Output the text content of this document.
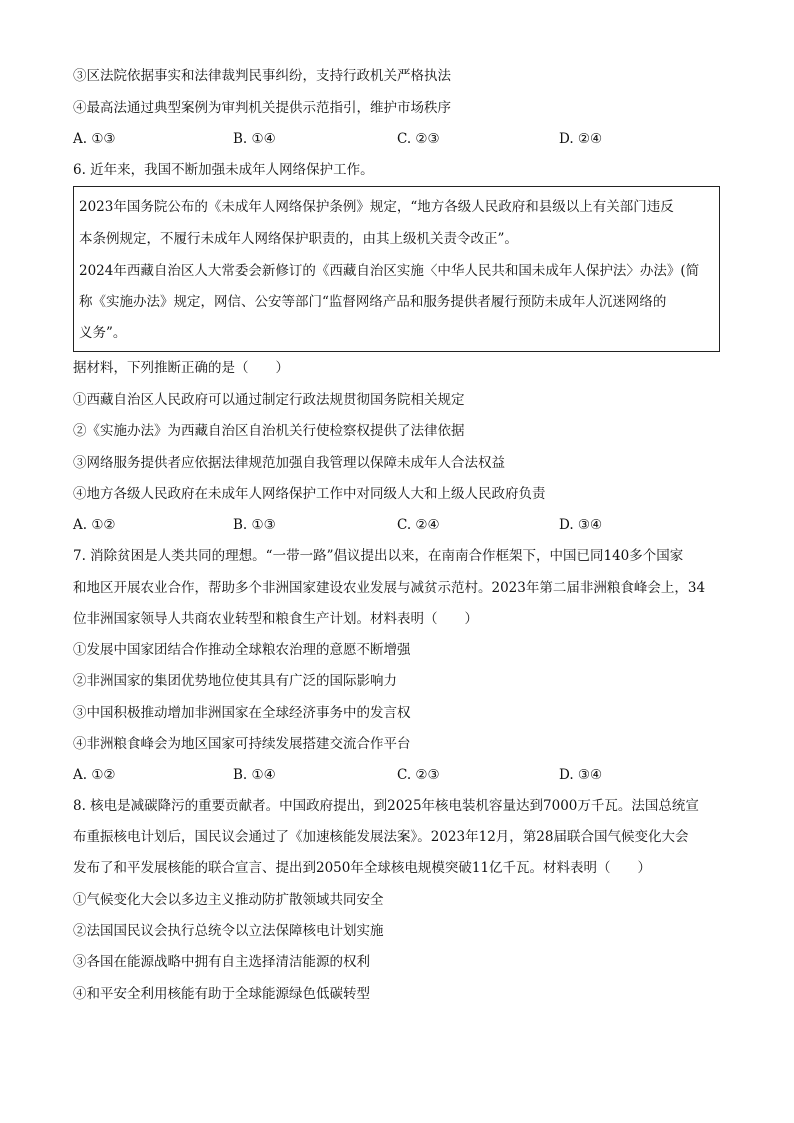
③区法院依据事实和法律裁判民事纠纷，支持行政机关严格执法
④最高法通过典型案例为审判机关提供示范指引，维护市场秩序
A. ①③	B. ①④	C. ②③	D. ②④
6. 近年来，我国不断加强未成年人网络保护工作。
2023年国务院公布的《未成年人网络保护条例》规定，“地方各级人民政府和县级以上有关部门违反
本条例规定，不履行未成年人网络保护职责的，由其上级机关责令改正”。
2024年西藏自治区人大常委会新修订的《西藏自治区实施〈中华人民共和国未成年人保护法〉办法》(简
称《实施办法》规定，网信、公安等部门“监督网络产品和服务提供者履行预防未成年人沉迷网络的
义务”。
据材料，下列推断正确的是（　　）
①西藏自治区人民政府可以通过制定行政法规贯彻国务院相关规定
②《实施办法》为西藏自治区自治机关行使检察权提供了法律依据
③网络服务提供者应依据法律规范加强自我管理以保障未成年人合法权益
④地方各级人民政府在未成年人网络保护工作中对同级人大和上级人民政府负责
A. ①②	B. ①③	C. ②④	D. ③④
7. 消除贫困是人类共同的理想。“一带一路”倡议提出以来，在南南合作框架下，中国已同140多个国家
和地区开展农业合作，帮助多个非洲国家建设农业发展与减贫示范村。2023年第二届非洲粮食峰会上，34
位非洲国家领导人共商农业转型和粮食生产计划。材料表明（　　）
①发展中国家团结合作推动全球粮农治理的意愿不断增强
②非洲国家的集团优势地位使其具有广泛的国际影响力
③中国积极推动增加非洲国家在全球经济事务中的发言权
④非洲粮食峰会为地区国家可持续发展搭建交流合作平台
A. ①②	B. ①④	C. ②③	D. ③④
8. 核电是减碳降污的重要贡献者。中国政府提出，到2025年核电装机容量达到7000万千瓦。法国总统宣
布重振核电计划后，国民议会通过了《加速核能发展法案》。2023年12月，第28届联合国气候变化大会
发布了和平发展核能的联合宣言、提出到2050年全球核电规模突破11亿千瓦。材料表明（　　）
①气候变化大会以多边主义推动防扩散领域共同安全
②法国国民议会执行总统令以立法保障核电计划实施
③各国在能源战略中拥有自主选择清洁能源的权利
④和平安全利用核能有助于全球能源绿色低碳转型
